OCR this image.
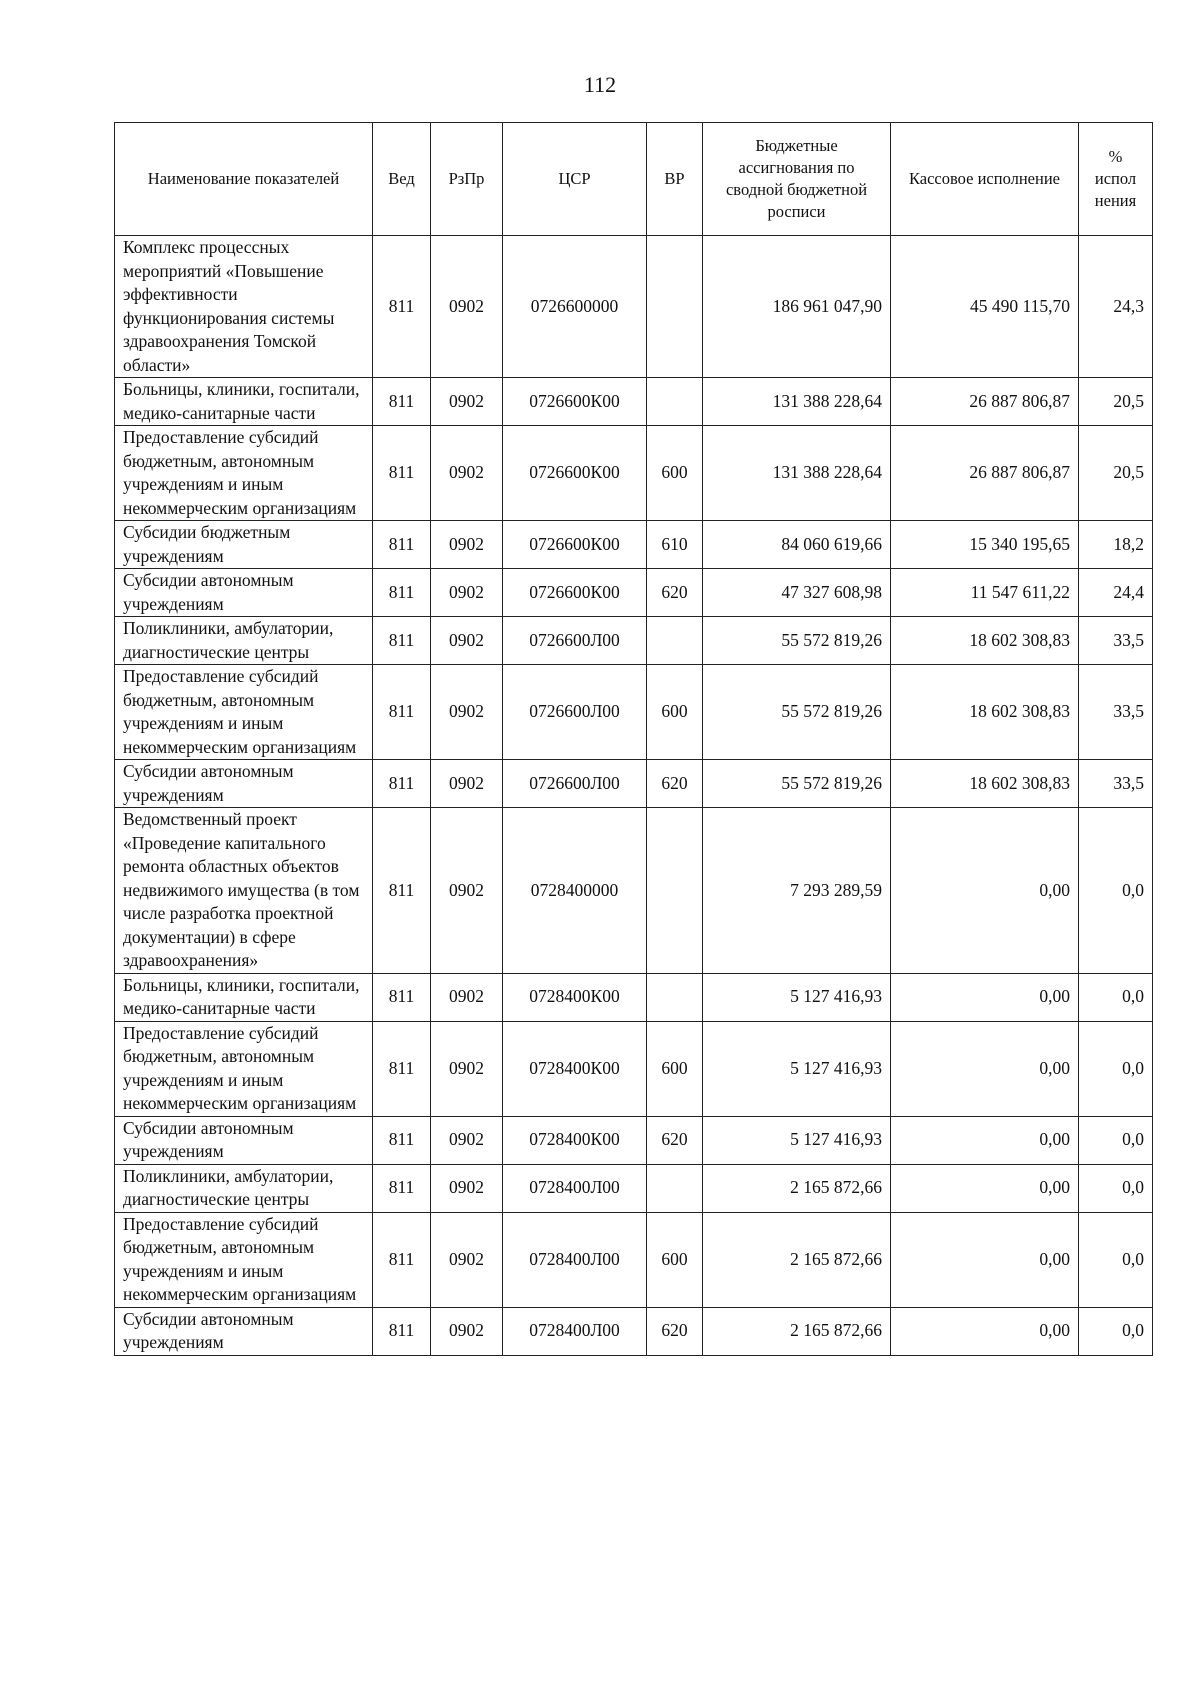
112
Наименование показателей	Вед	РзПр	ЦСР	ВР	Бюджетные ассигнования по сводной бюджетной росписи	Кассовое исполнение	% испол нения
Комплекс процессных мероприятий «Повышение эффективности функционирования системы здравоохранения Томской области»	811	0902	0726600000		186 961 047,90	45 490 115,70	24,3
Больницы, клиники, госпитали, медико-санитарные части	811	0902	0726600К00		131 388 228,64	26 887 806,87	20,5
Предоставление субсидий бюджетным, автономным учреждениям и иным некоммерческим организациям	811	0902	0726600К00	600	131 388 228,64	26 887 806,87	20,5
Субсидии бюджетным учреждениям	811	0902	0726600К00	610	84 060 619,66	15 340 195,65	18,2
Субсидии автономным учреждениям	811	0902	0726600К00	620	47 327 608,98	11 547 611,22	24,4
Поликлиники, амбулатории, диагностические центры	811	0902	0726600Л00		55 572 819,26	18 602 308,83	33,5
Предоставление субсидий бюджетным, автономным учреждениям и иным некоммерческим организациям	811	0902	0726600Л00	600	55 572 819,26	18 602 308,83	33,5
Субсидии автономным учреждениям	811	0902	0726600Л00	620	55 572 819,26	18 602 308,83	33,5
Ведомственный проект «Проведение капитального ремонта областных объектов недвижимого имущества (в том числе разработка проектной документации) в сфере здравоохранения»	811	0902	0728400000		7 293 289,59	0,00	0,0
Больницы, клиники, госпитали, медико-санитарные части	811	0902	0728400К00		5 127 416,93	0,00	0,0
Предоставление субсидий бюджетным, автономным учреждениям и иным некоммерческим организациям	811	0902	0728400К00	600	5 127 416,93	0,00	0,0
Субсидии автономным учреждениям	811	0902	0728400К00	620	5 127 416,93	0,00	0,0
Поликлиники, амбулатории, диагностические центры	811	0902	0728400Л00		2 165 872,66	0,00	0,0
Предоставление субсидий бюджетным, автономным учреждениям и иным некоммерческим организациям	811	0902	0728400Л00	600	2 165 872,66	0,00	0,0
Субсидии автономным учреждениям	811	0902	0728400Л00	620	2 165 872,66	0,00	0,0
